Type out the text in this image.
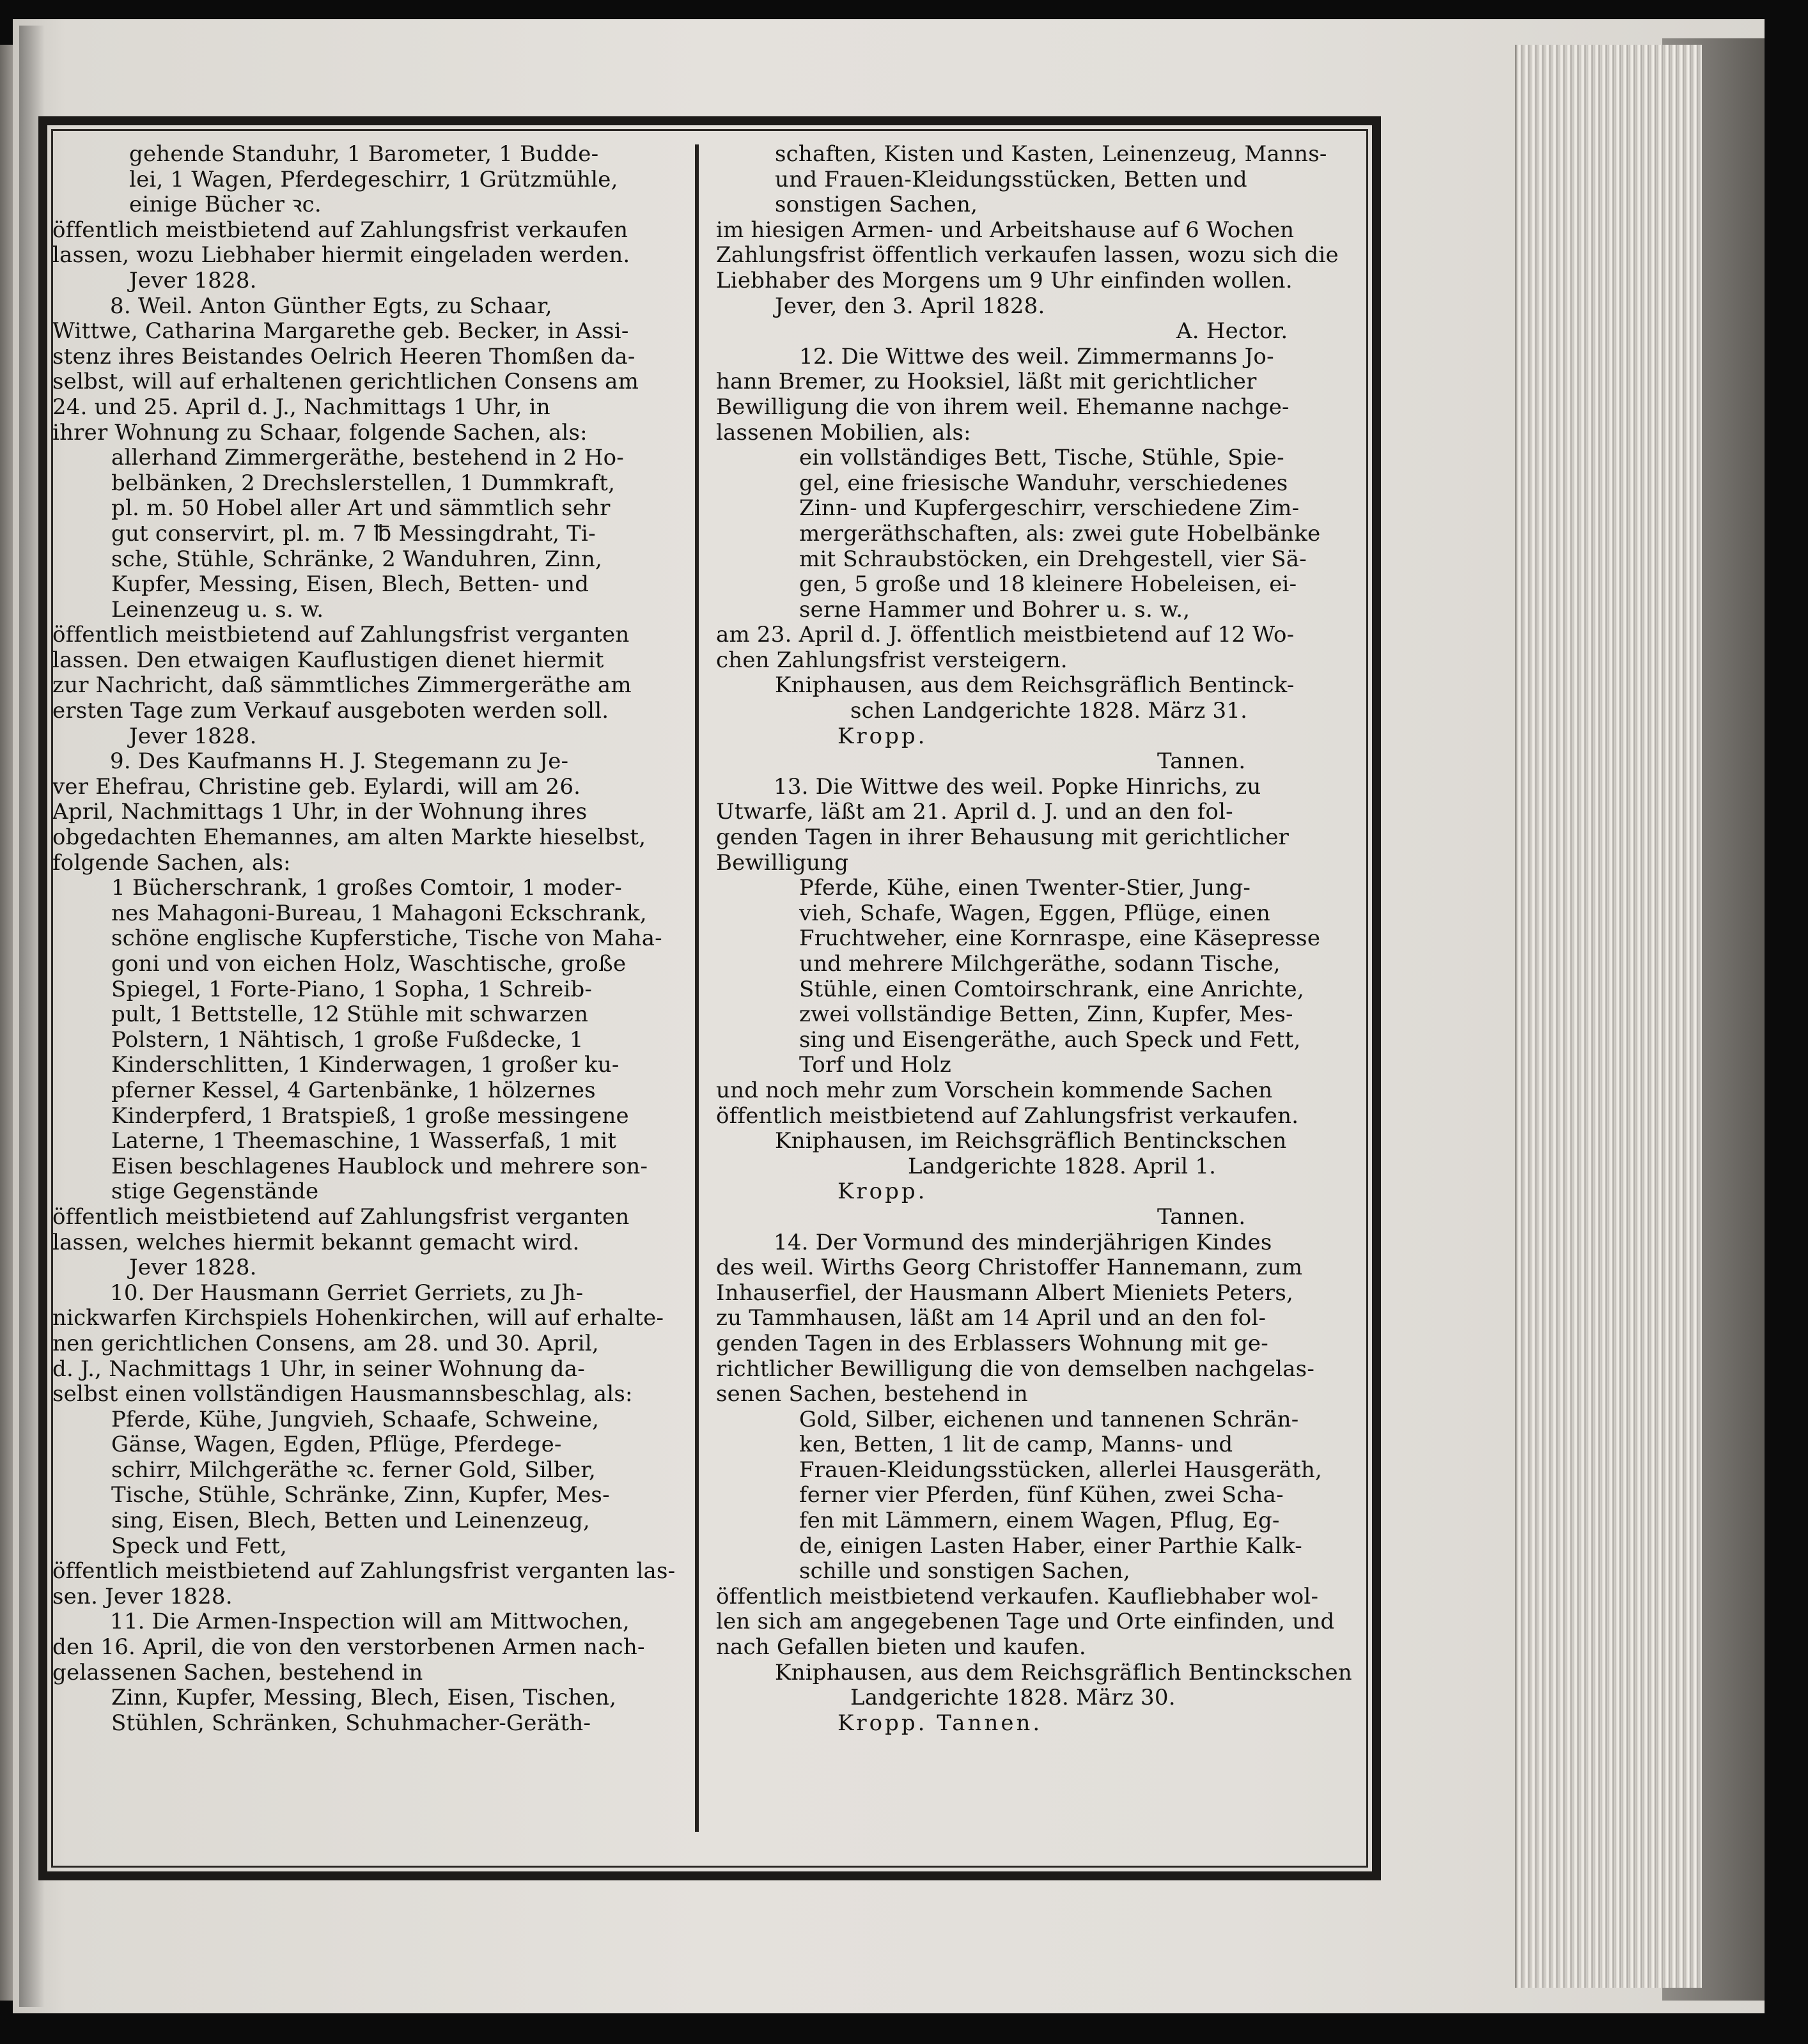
gehende Standuhr, 1 Barometer, 1 Budde-
lei, 1 Wagen, Pferdegeschirr, 1 Grützmühle,
einige Bücher ꝛc.
öffentlich meistbietend auf Zahlungsfrist verkaufen
lassen, wozu Liebhaber hiermit eingeladen werden.
Jever 1828.
8. Weil. Anton Günther Egts, zu Schaar,
Wittwe, Catharina Margarethe geb. Becker, in Assi-
stenz ihres Beistandes Oelrich Heeren Thomßen da-
selbst, will auf erhaltenen gerichtlichen Consens am
24. und 25. April d. J., Nachmittags 1 Uhr, in
ihrer Wohnung zu Schaar, folgende Sachen, als:
allerhand Zimmergeräthe, bestehend in 2 Ho-
belbänken, 2 Drechslerstellen, 1 Dummkraft,
pl. m. 50 Hobel aller Art und sämmtlich sehr
gut conservirt, pl. m. 7 ℔ Messingdraht, Ti-
sche, Stühle, Schränke, 2 Wanduhren, Zinn,
Kupfer, Messing, Eisen, Blech, Betten- und
Leinenzeug u. s. w.
öffentlich meistbietend auf Zahlungsfrist verganten
lassen. Den etwaigen Kauflustigen dienet hiermit
zur Nachricht, daß sämmtliches Zimmergeräthe am
ersten Tage zum Verkauf ausgeboten werden soll.
Jever 1828.
9. Des Kaufmanns H. J. Stegemann zu Je-
ver Ehefrau, Christine geb. Eylardi, will am 26.
April, Nachmittags 1 Uhr, in der Wohnung ihres
obgedachten Ehemannes, am alten Markte hieselbst,
folgende Sachen, als:
1 Bücherschrank, 1 großes Comtoir, 1 moder-
nes Mahagoni-Bureau, 1 Mahagoni Eckschrank,
schöne englische Kupferstiche, Tische von Maha-
goni und von eichen Holz, Waschtische, große
Spiegel, 1 Forte-Piano, 1 Sopha, 1 Schreib-
pult, 1 Bettstelle, 12 Stühle mit schwarzen
Polstern, 1 Nähtisch, 1 große Fußdecke, 1
Kinderschlitten, 1 Kinderwagen, 1 großer ku-
pferner Kessel, 4 Gartenbänke, 1 hölzernes
Kinderpferd, 1 Bratspieß, 1 große messingene
Laterne, 1 Theemaschine, 1 Wasserfaß, 1 mit
Eisen beschlagenes Haublock und mehrere son-
stige Gegenstände
öffentlich meistbietend auf Zahlungsfrist verganten
lassen, welches hiermit bekannt gemacht wird.
Jever 1828.
10. Der Hausmann Gerriet Gerriets, zu Jh-
nickwarfen Kirchspiels Hohenkirchen, will auf erhalte-
nen gerichtlichen Consens, am 28. und 30. April,
d. J., Nachmittags 1 Uhr, in seiner Wohnung da-
selbst einen vollständigen Hausmannsbeschlag, als:
Pferde, Kühe, Jungvieh, Schaafe, Schweine,
Gänse, Wagen, Egden, Pflüge, Pferdege-
schirr, Milchgeräthe ꝛc. ferner Gold, Silber,
Tische, Stühle, Schränke, Zinn, Kupfer, Mes-
sing, Eisen, Blech, Betten und Leinenzeug,
Speck und Fett,
öffentlich meistbietend auf Zahlungsfrist verganten las-
sen. Jever 1828.
11. Die Armen-Inspection will am Mittwochen,
den 16. April, die von den verstorbenen Armen nach-
gelassenen Sachen, bestehend in
Zinn, Kupfer, Messing, Blech, Eisen, Tischen,
Stühlen, Schränken, Schuhmacher-Geräth-
schaften, Kisten und Kasten, Leinenzeug, Manns-
und Frauen-Kleidungsstücken, Betten und
sonstigen Sachen,
im hiesigen Armen- und Arbeitshause auf 6 Wochen
Zahlungsfrist öffentlich verkaufen lassen, wozu sich die
Liebhaber des Morgens um 9 Uhr einfinden wollen.
Jever, den 3. April 1828.
A. Hector.
12. Die Wittwe des weil. Zimmermanns Jo-
hann Bremer, zu Hooksiel, läßt mit gerichtlicher
Bewilligung die von ihrem weil. Ehemanne nachge-
lassenen Mobilien, als:
ein vollständiges Bett, Tische, Stühle, Spie-
gel, eine friesische Wanduhr, verschiedenes
Zinn- und Kupfergeschirr, verschiedene Zim-
mergeräthschaften, als: zwei gute Hobelbänke
mit Schraubstöcken, ein Drehgestell, vier Sä-
gen, 5 große und 18 kleinere Hobeleisen, ei-
serne Hammer und Bohrer u. s. w.,
am 23. April d. J. öffentlich meistbietend auf 12 Wo-
chen Zahlungsfrist versteigern.
Kniphausen, aus dem Reichsgräflich Bentinck-
schen Landgerichte 1828. März 31.
Kropp.
Tannen.
13. Die Wittwe des weil. Popke Hinrichs, zu
Utwarfe, läßt am 21. April d. J. und an den fol-
genden Tagen in ihrer Behausung mit gerichtlicher
Bewilligung
Pferde, Kühe, einen Twenter-Stier, Jung-
vieh, Schafe, Wagen, Eggen, Pflüge, einen
Fruchtweher, eine Kornraspe, eine Käsepresse
und mehrere Milchgeräthe, sodann Tische,
Stühle, einen Comtoirschrank, eine Anrichte,
zwei vollständige Betten, Zinn, Kupfer, Mes-
sing und Eisengeräthe, auch Speck und Fett,
Torf und Holz
und noch mehr zum Vorschein kommende Sachen
öffentlich meistbietend auf Zahlungsfrist verkaufen.
Kniphausen, im Reichsgräflich Bentinckschen
Landgerichte 1828. April 1.
Kropp.
Tannen.
14. Der Vormund des minderjährigen Kindes
des weil. Wirths Georg Christoffer Hannemann, zum
Inhauserfiel, der Hausmann Albert Mieniets Peters,
zu Tammhausen, läßt am 14 April und an den fol-
genden Tagen in des Erblassers Wohnung mit ge-
richtlicher Bewilligung die von demselben nachgelas-
senen Sachen, bestehend in
Gold, Silber, eichenen und tannenen Schrän-
ken, Betten, 1 lit de camp, Manns- und
Frauen-Kleidungsstücken, allerlei Hausgeräth,
ferner vier Pferden, fünf Kühen, zwei Scha-
fen mit Lämmern, einem Wagen, Pflug, Eg-
de, einigen Lasten Haber, einer Parthie Kalk-
schille und sonstigen Sachen,
öffentlich meistbietend verkaufen. Kaufliebhaber wol-
len sich am angegebenen Tage und Orte einfinden, und
nach Gefallen bieten und kaufen.
Kniphausen, aus dem Reichsgräflich Bentinckschen
Landgerichte 1828. März 30.
Kropp. Tannen.
